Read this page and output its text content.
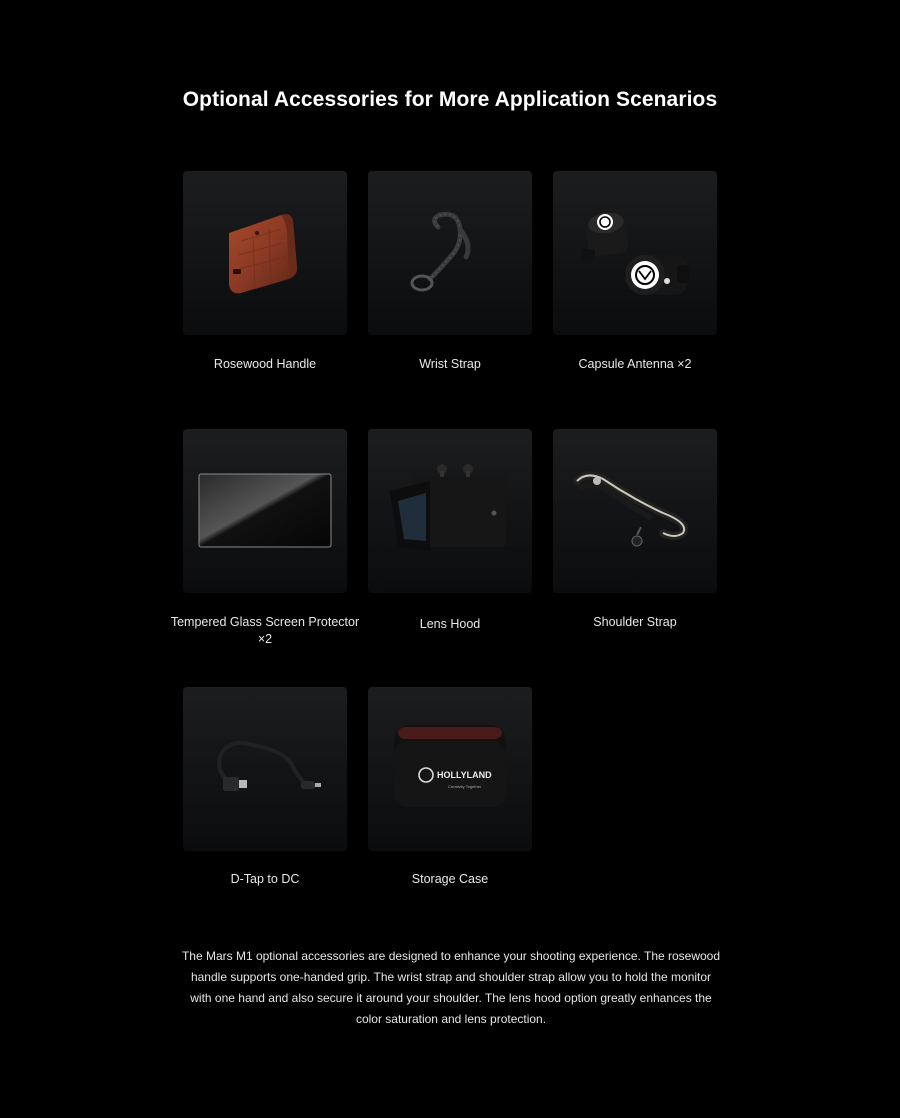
Optional Accessories for More Application Scenarios
Rosewood Handle	Wrist Strap	Capsule Antenna ×2
Tempered Glass Screen Protector ×2
Lens Hood	Shoulder Strap
HOLLYLAND
Creativity Together
D-Tap to DC	Storage Case
The Mars M1 optional accessories are designed to enhance your shooting experience. The rosewood handle supports one-handed grip. The wrist strap and shoulder strap allow you to hold the monitor with one hand and also secure it around your shoulder. The lens hood option greatly enhances the color saturation and lens protection.
